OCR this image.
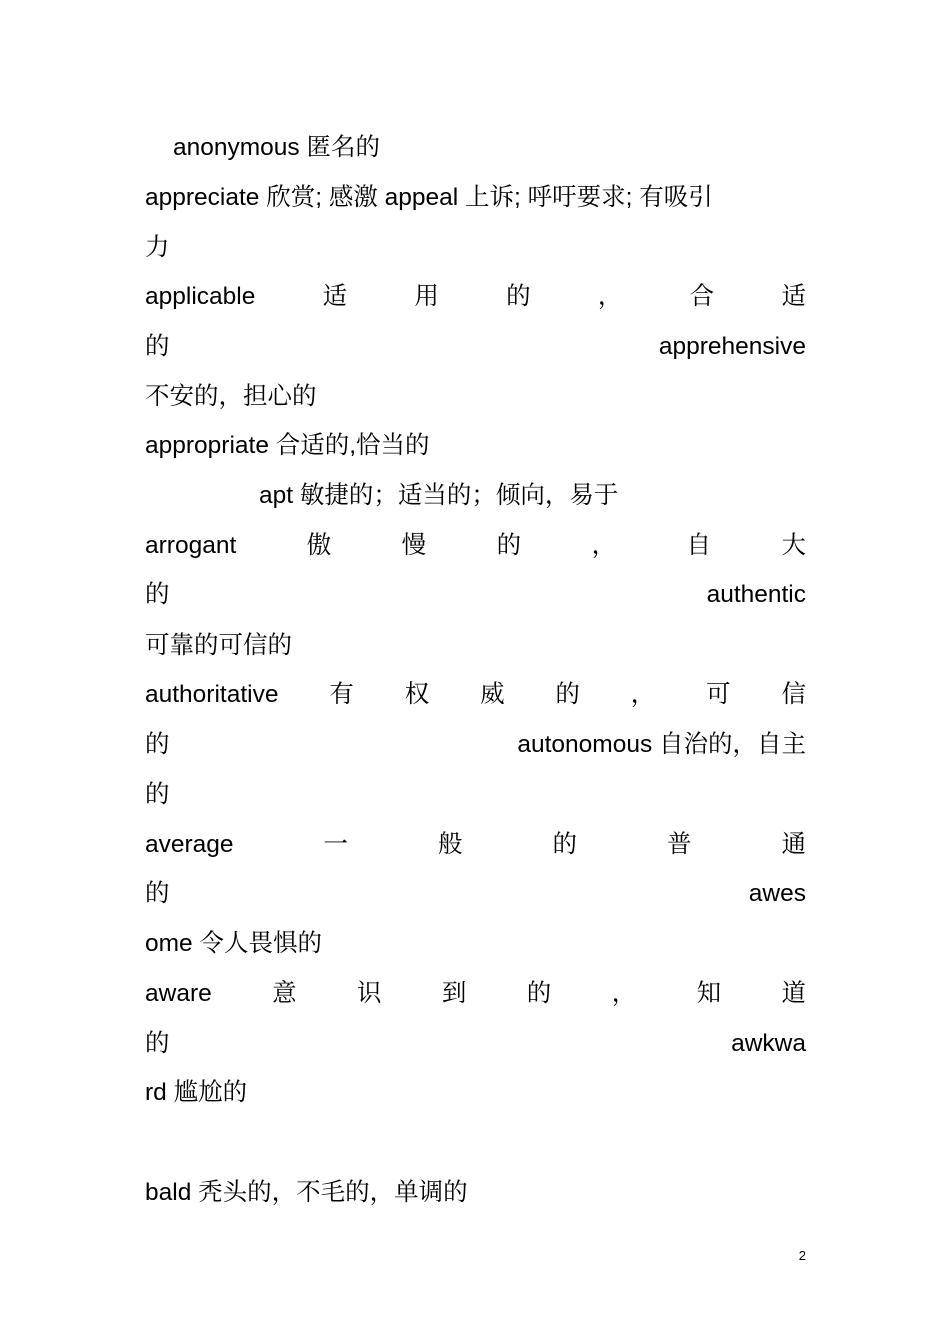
anonymous 匿名的
appreciate 欣赏; 感激 appeal 上诉; 呼吁要求; 有吸引
力
applicable	适	用	的	，	合	适
的	apprehensive
不安的，担心的
appropriate 合适的,恰当的
apt 敏捷的；适当的；倾向，易于
arrogant	傲	慢	的	，	自	大
的	authentic
可靠的可信的
authoritative 有 权 威 的 ， 可 信
的	autonomous 自治的，自主
的
average	一	般	的	普	通
的	awes
ome 令人畏惧的
aware 意 识 到 的 ， 知 道
的	awkwa
rd 尴尬的
bald 秃头的，不毛的，单调的
2
